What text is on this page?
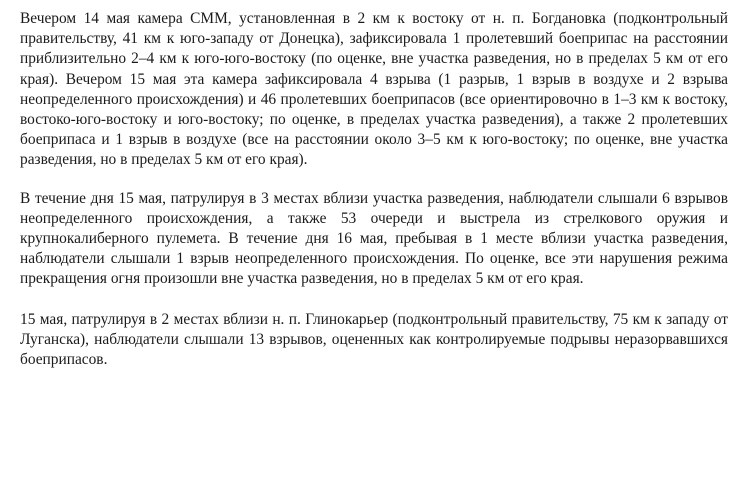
Вечером 14 мая камера СММ, установленная в 2 км к востоку от н. п. Богдановка (подконтрольный правительству, 41 км к юго-западу от Донецка), зафиксировала 1 пролетевший боеприпас на расстоянии приблизительно 2–4 км к юго-юго-востоку (по оценке, вне участка разведения, но в пределах 5 км от его края). Вечером 15 мая эта камера зафиксировала 4 взрыва (1 разрыв, 1 взрыв в воздухе и 2 взрыва неопределенного происхождения) и 46 пролетевших боеприпасов (все ориентировочно в 1–3 км к востоку, востоко-юго-востоку и юго-востоку; по оценке, в пределах участка разведения), а также 2 пролетевших боеприпаса и 1 взрыв в воздухе (все на расстоянии около 3–5 км к юго-востоку; по оценке, вне участка разведения, но в пределах 5 км от его края).

В течение дня 15 мая, патрулируя в 3 местах вблизи участка разведения, наблюдатели слышали 6 взрывов неопределенного происхождения, а также 53 очереди и выстрела из стрелкового оружия и крупнокалиберного пулемета. В течение дня 16 мая, пребывая в 1 месте вблизи участка разведения, наблюдатели слышали 1 взрыв неопределенного происхождения. По оценке, все эти нарушения режима прекращения огня произошли вне участка разведения, но в пределах 5 км от его края.

15 мая, патрулируя в 2 местах вблизи н. п. Глинокарьер (подконтрольный правительству, 75 км к западу от Луганска), наблюдатели слышали 13 взрывов, оцененных как контролируемые подрывы неразорвавшихся боеприпасов.
